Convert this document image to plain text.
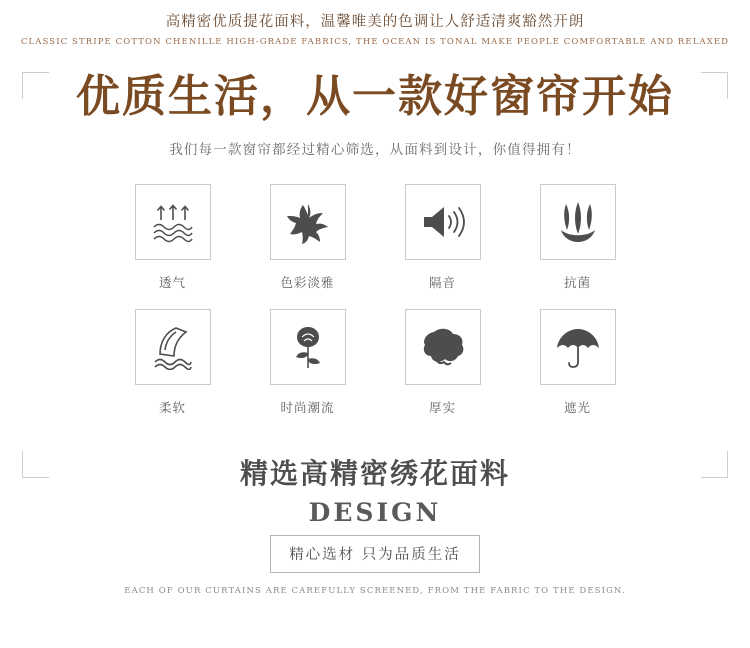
高精密优质提花面料，温馨唯美的色调让人舒适清爽豁然开朗
CLASSIC STRIPE COTTON CHENILLE HIGH-GRADE FABRICS, THE OCEAN IS TONAL MAKE PEOPLE COMFORTABLE AND RELAXED
优质生活，从一款好窗帘开始
我们每一款窗帘都经过精心筛选，从面料到设计，你值得拥有！
透气	色彩淡雅	隔音	抗菌
柔软	时尚潮流	厚实	遮光
精选高精密绣花面料
DESIGN
精心选材 只为品质生活
EACH OF OUR CURTAINS ARE CAREFULLY SCREENED, FROM THE FABRIC TO THE DESIGN.
